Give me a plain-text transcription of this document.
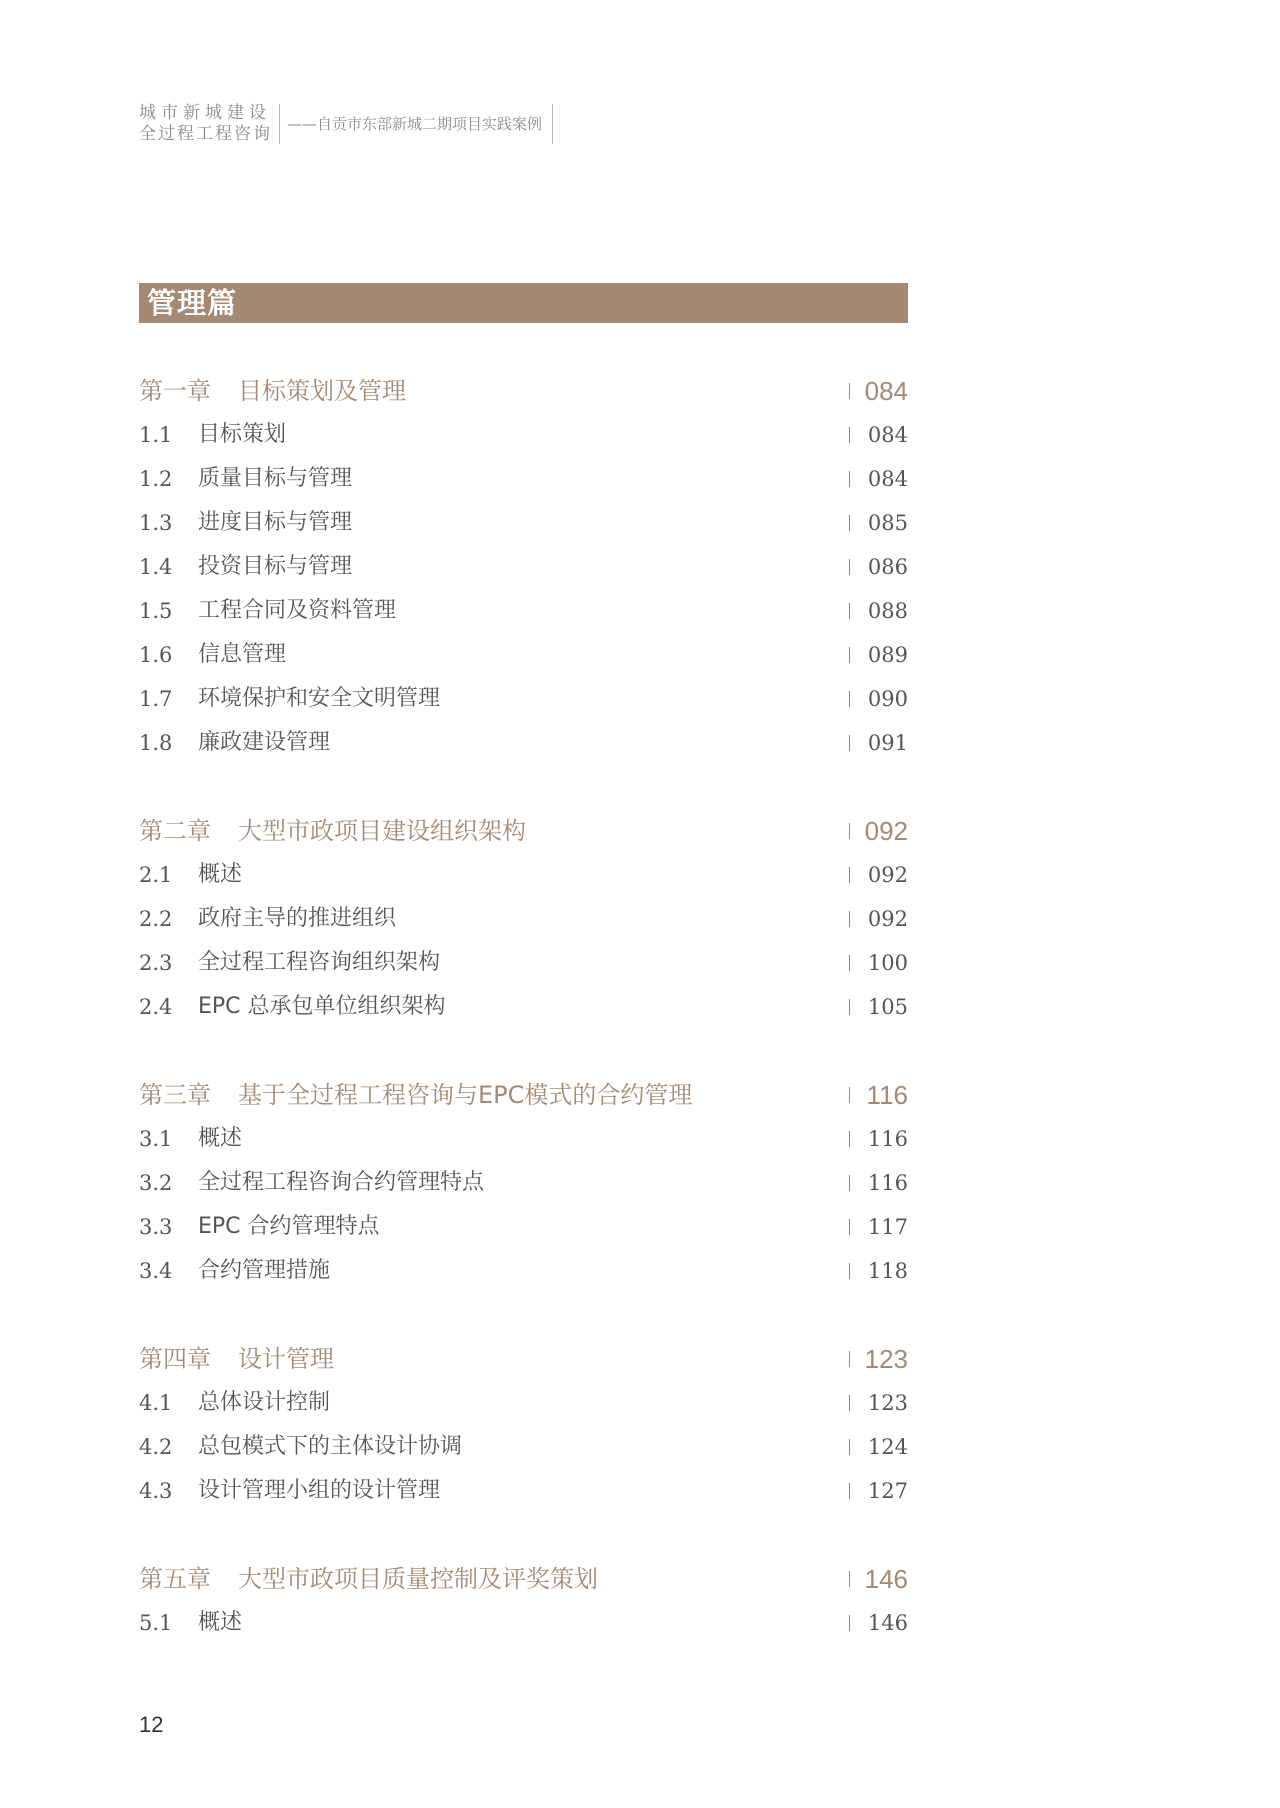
城市新城建设
全过程工程咨询 ——自贡市东部新城二期项目实践案例
管理篇
第一章 目标策划及管理	084
1.1 目标策划	084
1.2 质量目标与管理	084
1.3 进度目标与管理	085
1.4 投资目标与管理	086
1.5 工程合同及资料管理	088
1.6 信息管理	089
1.7 环境保护和安全文明管理	090
1.8 廉政建设管理	091
第二章 大型市政项目建设组织架构	092
2.1 概述	092
2.2 政府主导的推进组织	092
2.3 全过程工程咨询组织架构	100
2.4 EPC 总承包单位组织架构	105
第三章 基于全过程工程咨询与EPC模式的合约管理	116
3.1 概述	116
3.2 全过程工程咨询合约管理特点	116
3.3 EPC 合约管理特点	117
3.4 合约管理措施	118
第四章 设计管理	123
4.1 总体设计控制	123
4.2 总包模式下的主体设计协调	124
4.3 设计管理小组的设计管理	127
第五章 大型市政项目质量控制及评奖策划	146
5.1 概述	146
12
